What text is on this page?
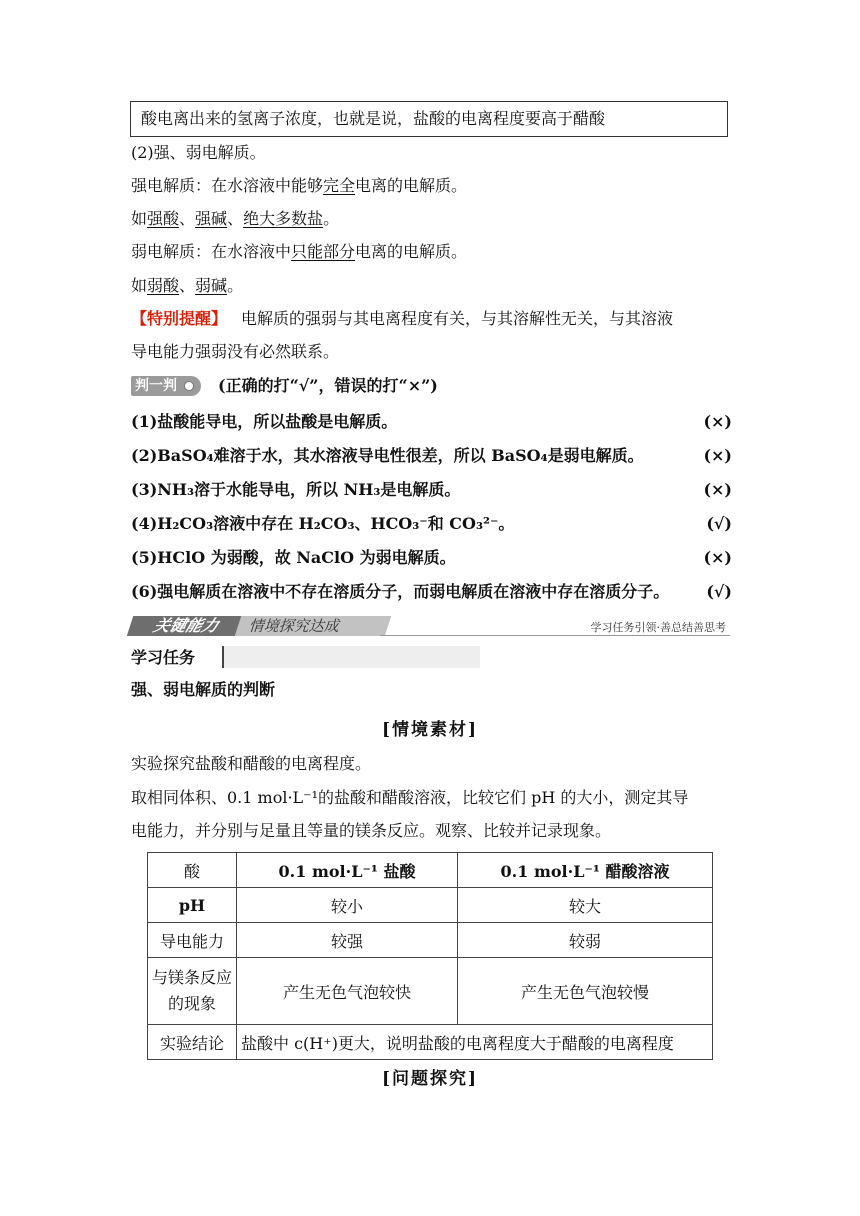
酸电离出来的氢离子浓度，也就是说，盐酸的电离程度要高于醋酸
(2)强、弱电解质。
强电解质：在水溶液中能够完全电离的电解质。
如强酸、强碱、绝大多数盐。
弱电解质：在水溶液中只能部分电离的电解质。
如弱酸、弱碱。
【特别提醒】 电解质的强弱与其电离程度有关，与其溶解性无关，与其溶液
导电能力强弱没有必然联系。
判一判	(正确的打“√”，错误的打“×”)
(1)盐酸能导电，所以盐酸是电解质。	(×)
(2)BaSO₄难溶于水，其水溶液导电性很差，所以 BaSO₄是弱电解质。	(×)
(3)NH₃溶于水能导电，所以 NH₃是电解质。	(×)
(4)H₂CO₃溶液中存在 H₂CO₃、HCO₃⁻和 CO₃²⁻。	(√)
(5)HClO 为弱酸，故 NaClO 为弱电解质。	(×)
(6)强电解质在溶液中不存在溶质分子，而弱电解质在溶液中存在溶质分子。	(√)
关键能力	情境探究达成	学习任务引领·善总结善思考
学习任务
强、弱电解质的判断
[情境素材]
实验探究盐酸和醋酸的电离程度。
取相同体积、0.1 mol·L⁻¹的盐酸和醋酸溶液，比较它们 pH 的大小，测定其导
电能力，并分别与足量且等量的镁条反应。观察、比较并记录现象。
酸	0.1 mol·L⁻¹ 盐酸	0.1 mol·L⁻¹ 醋酸溶液
pH	较小	较大
导电能力	较强	较弱
与镁条反应的现象	产生无色气泡较快	产生无色气泡较慢
实验结论	盐酸中 c(H⁺)更大，说明盐酸的电离程度大于醋酸的电离程度	
[问题探究]
